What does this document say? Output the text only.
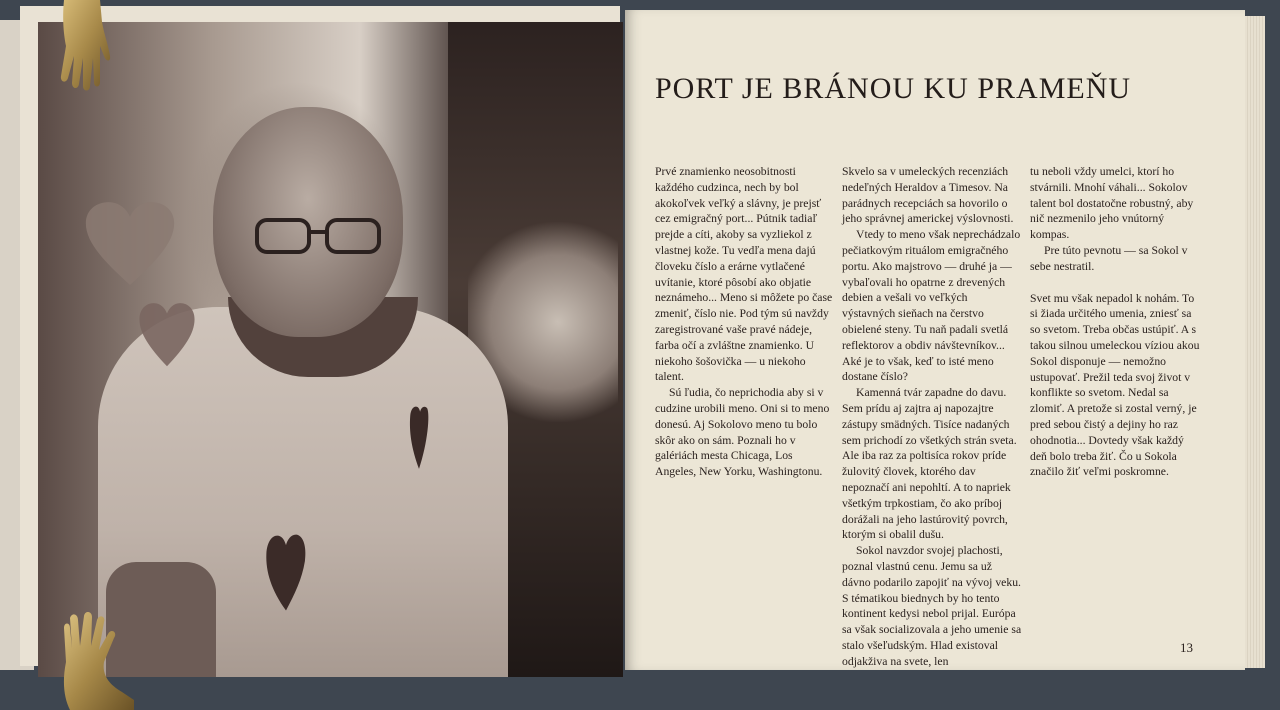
PORT JE BRÁNOU KU PRAMEŇU

Prvé znamienko neosobitnosti každého cudzinca, nech by bol akokoľvek veľký a slávny, je prejsť cez emigračný port... Pútnik tadiaľ prejde a cíti, akoby sa vyzliekol z vlastnej kože. Tu vedľa mena dajú človeku číslo a erárne vytlačené uvítanie, ktoré pôsobí ako objatie neznámeho... Meno si môžete po čase zmeniť, číslo nie. Pod tým sú navždy zaregistrované vaše pravé nádeje, farba očí a zvláštne znamienko. U niekoho šošovička — u niekoho talent.

Sú ľudia, čo neprichodia aby si v cudzine urobili meno. Oni si to meno donesú. Aj Sokolovo meno tu bolo skôr ako on sám. Poznali ho v galériách mesta Chicaga, Los Angeles, New Yorku, Washingtonu.

Skvelo sa v umeleckých recenziách nedeľných Heraldov a Timesov. Na parádnych recepciách sa hovorilo o jeho správnej americkej výslovnosti.

Vtedy to meno však neprechádzalo pečiatkovým rituálom emigračného portu. Ako majstrovo — druhé ja — vybaľovali ho opatrne z drevených debien a vešali vo veľkých výstavných sieňach na čerstvo obielené steny. Tu naň padali svetlá reflektorov a obdiv návštevníkov... Aké je to však, keď to isté meno dostane číslo?

Kamenná tvár zapadne do davu. Sem prídu aj zajtra aj napozajtre zástupy smädných. Tisíce nadaných sem prichodí zo všetkých strán sveta. Ale iba raz za poltisíca rokov príde žulovitý človek, ktorého dav nepoznačí ani nepohltí. A to napriek všetkým trpkostiam, čo ako príboj dorážali na jeho lastúrovitý povrch, ktorým si obalil dušu.

Sokol navzdor svojej plachosti, poznal vlastnú cenu. Jemu sa už dávno podarilo zapojiť na vývoj veku. S tématikou biednych by ho tento kontinent kedysi nebol prijal. Európa sa však socializovala a jeho umenie sa stalo všeľudským. Hlad existoval odjakživa na svete, len

tu neboli vždy umelci, ktorí ho stvárnili. Mnohí váhali... Sokolov talent bol dostatočne robustný, aby nič nezmenilo jeho vnútorný kompas.

Pre túto pevnotu — sa Sokol v sebe nestratil.

Svet mu však nepadol k nohám. To si žiada určitého umenia, zniesť sa so svetom. Treba občas ustúpiť. A s takou silnou umeleckou víziou akou Sokol disponuje — nemožno ustupovať. Prežil teda svoj život v konflikte so svetom. Nedal sa zlomiť. A pretože si zostal verný, je pred sebou čistý a dejiny ho raz ohodnotia... Dovtedy však každý deň bolo treba žiť. Čo u Sokola značilo žiť veľmi poskromne.

13
